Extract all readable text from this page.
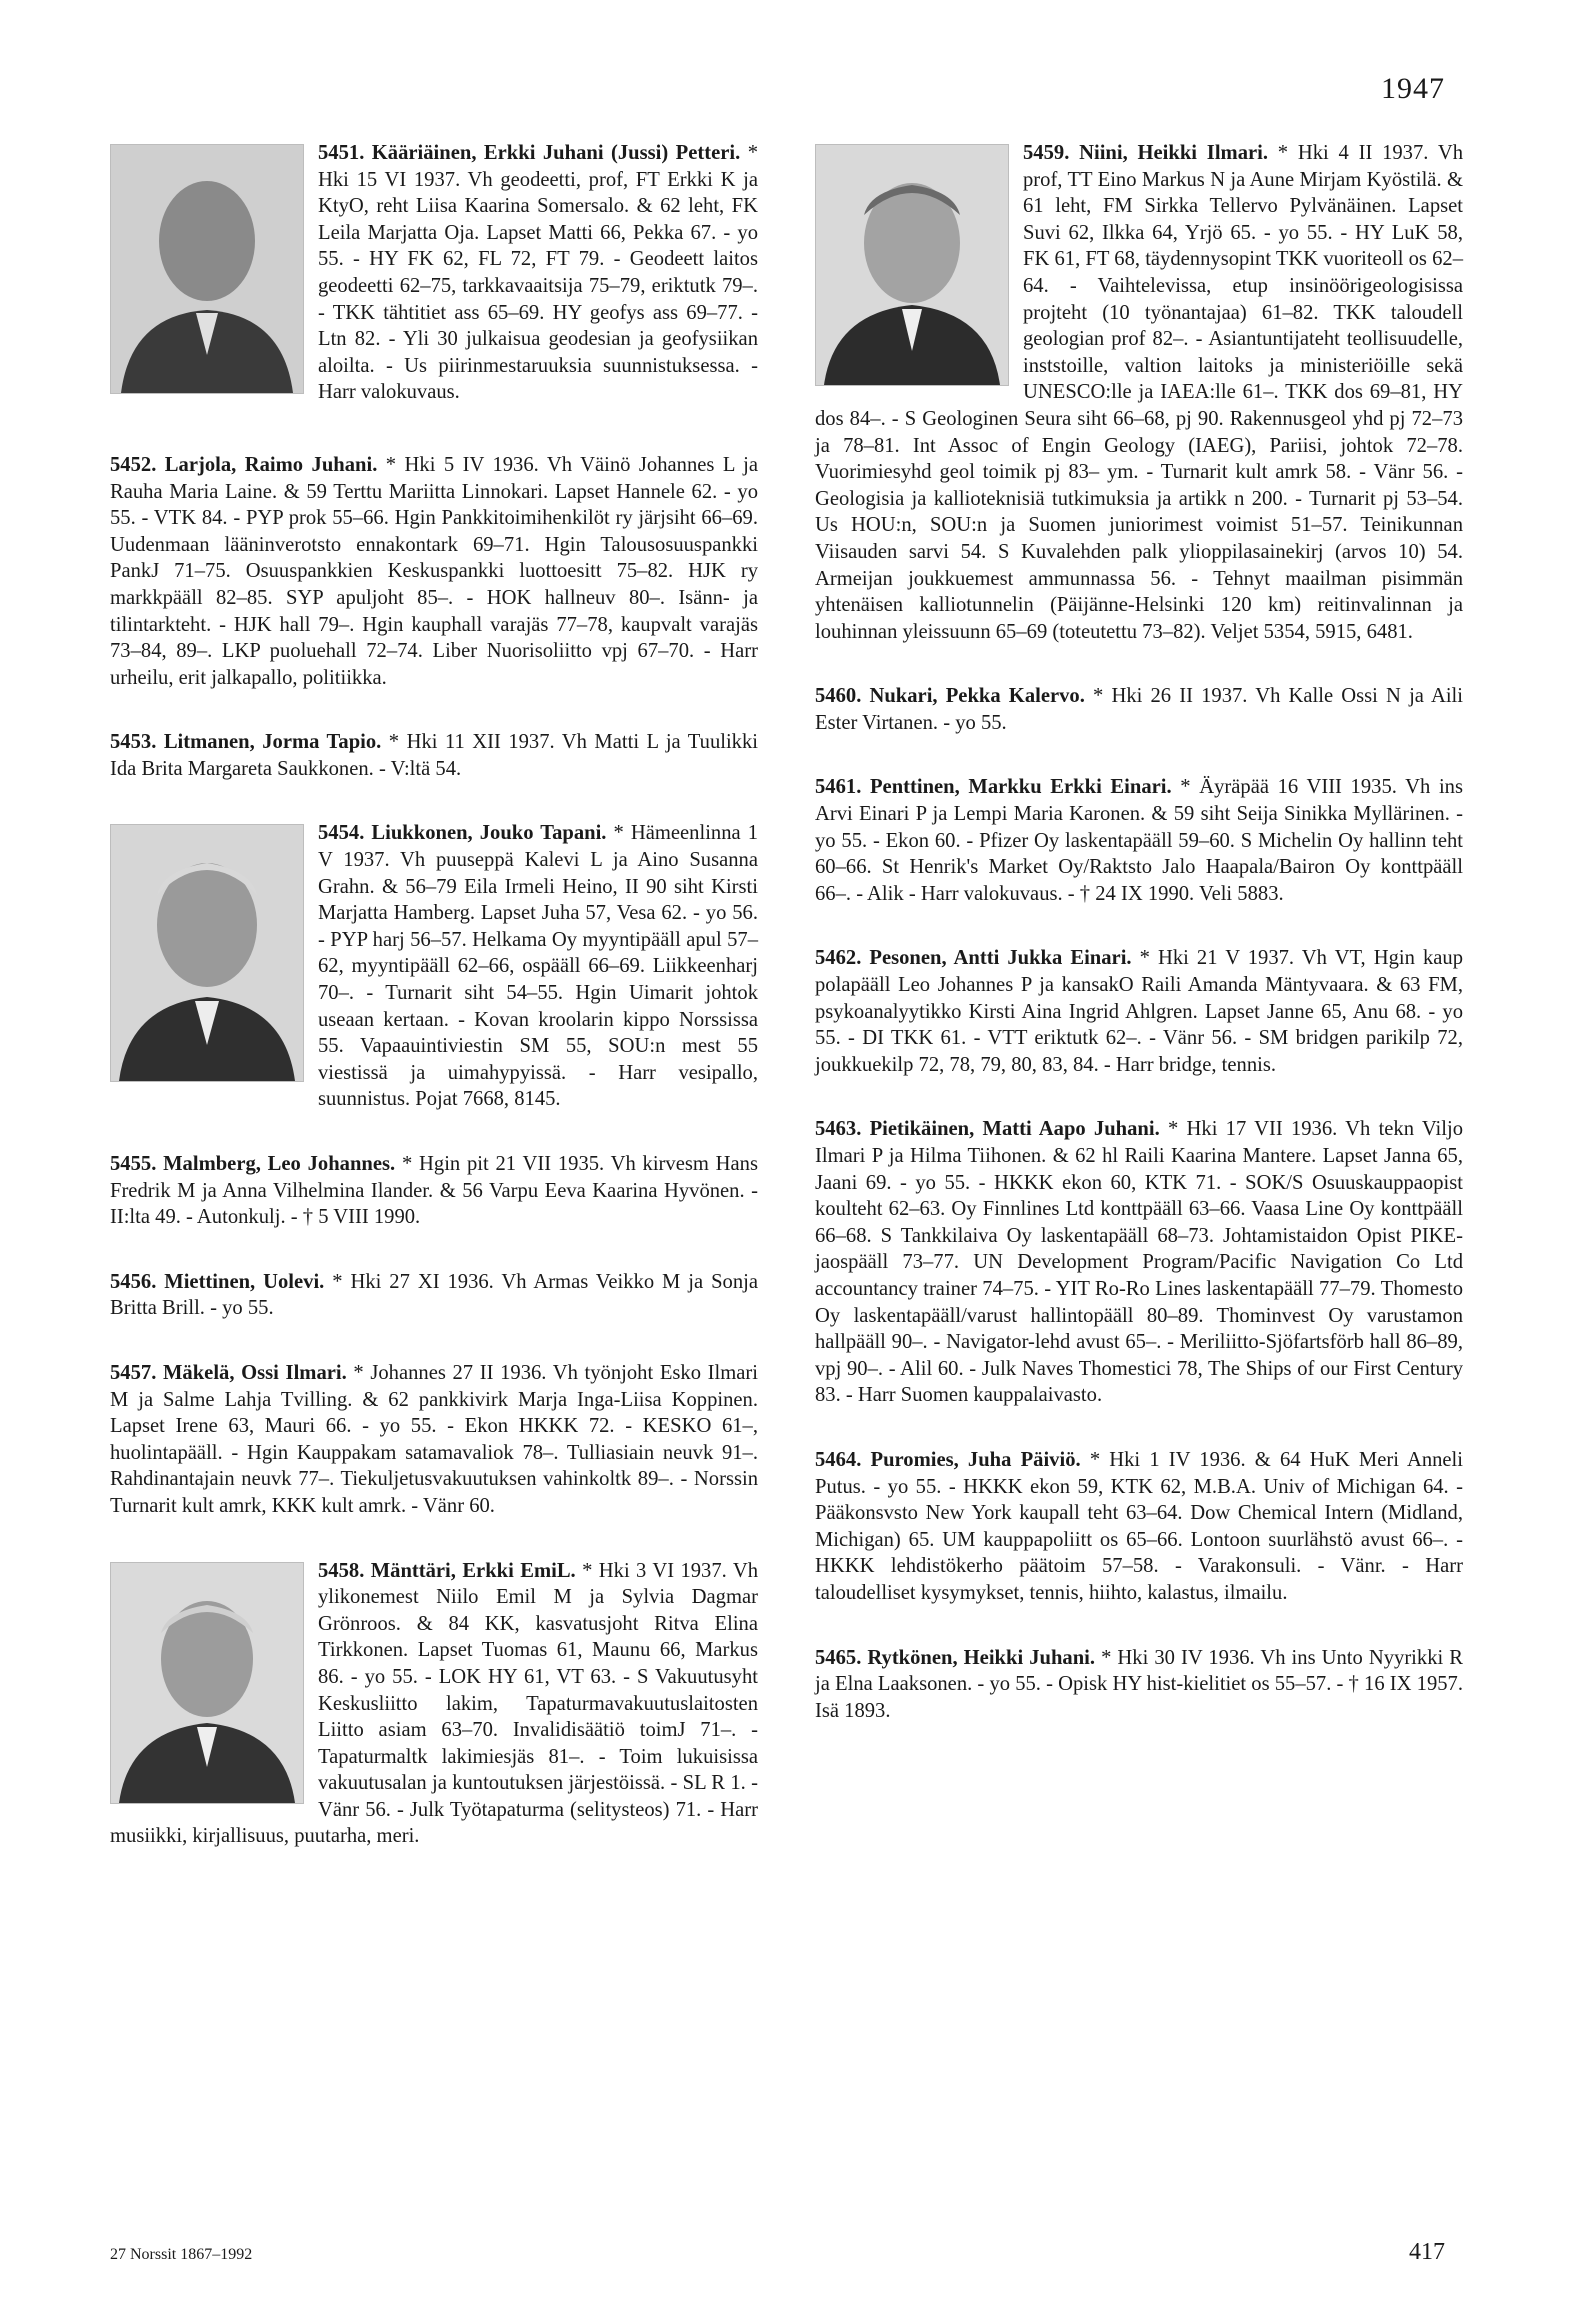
1947

5451. Kääriäinen, Erkki Juhani (Jussi) Petteri. * Hki 15 VI 1937. Vh geodeetti, prof, FT Erkki K ja KtyO, reht Liisa Kaarina Somersalo. & 62 leht, FK Leila Marjatta Oja. Lapset Matti 66, Pekka 67. - yo 55. - HY FK 62, FL 72, FT 79. - Geodeett laitos geodeetti 62–75, tarkkavaaitsija 75–79, eriktutk 79–. - TKK tähtitiet ass 65–69. HY geofys ass 69–77. - Ltn 82. - Yli 30 julkaisua geodesian ja geofysiikan aloilta. - Us piirinmestaruuksia suunnistuksessa. - Harr valokuvaus.

5452. Larjola, Raimo Juhani. * Hki 5 IV 1936. Vh Väinö Johannes L ja Rauha Maria Laine. & 59 Terttu Mariitta Linnokari. Lapset Hannele 62. - yo 55. - VTK 84. - PYP prok 55–66. Hgin Pankkitoimihenkilöt ry järjsiht 66–69. Uudenmaan lääninverotsto ennakontark 69–71. Hgin Talousosuuspankki PankJ 71–75. Osuuspankkien Keskuspankki luottoesitt 75–82. HJK ry markkpääll 82–85. SYP apuljoht 85–. - HOK hallneuv 80–. Isänn- ja tilintarkteht. - HJK hall 79–. Hgin kauphall varajäs 77–78, kaupvalt varajäs 73–84, 89–. LKP puoluehall 72–74. Liber Nuorisoliitto vpj 67–70. - Harr urheilu, erit jalkapallo, politiikka.

5453. Litmanen, Jorma Tapio. * Hki 11 XII 1937. Vh Matti L ja Tuulikki Ida Brita Margareta Saukkonen. - V:ltä 54.

5454. Liukkonen, Jouko Tapani. * Hämeenlinna 1 V 1937. Vh puuseppä Kalevi L ja Aino Susanna Grahn. & 56–79 Eila Irmeli Heino, II 90 siht Kirsti Marjatta Hamberg. Lapset Juha 57, Vesa 62. - yo 56. - PYP harj 56–57. Helkama Oy myyntipääll apul 57–62, myyntipääll 62–66, ospääll 66–69. Liikkeenharj 70–. - Turnarit siht 54–55. Hgin Uimarit johtok useaan kertaan. - Kovan kroolarin kippo Norssissa 55. Vapaauintiviestin SM 55, SOU:n mest 55 viestissä ja uimahypyissä. - Harr vesipallo, suunnistus. Pojat 7668, 8145.

5455. Malmberg, Leo Johannes. * Hgin pit 21 VII 1935. Vh kirvesm Hans Fredrik M ja Anna Vilhelmina Ilander. & 56 Varpu Eeva Kaarina Hyvönen. - II:lta 49. - Autonkulj. - † 5 VIII 1990.

5456. Miettinen, Uolevi. * Hki 27 XI 1936. Vh Armas Veikko M ja Sonja Britta Brill. - yo 55.

5457. Mäkelä, Ossi Ilmari. * Johannes 27 II 1936. Vh työnjoht Esko Ilmari M ja Salme Lahja Tvilling. & 62 pankkivirk Marja Inga-Liisa Koppinen. Lapset Irene 63, Mauri 66. - yo 55. - Ekon HKKK 72. - KESKO 61–, huolintapääll. - Hgin Kauppakam satamavaliok 78–. Tulliasiain neuvk 91–. Rahdinantajain neuvk 77–. Tiekuljetusvakuutuksen vahinkoltk 89–. - Norssin Turnarit kult amrk, KKK kult amrk. - Vänr 60.

5458. Mänttäri, Erkki EmiL. * Hki 3 VI 1937. Vh ylikonemest Niilo Emil M ja Sylvia Dagmar Grönroos. & 84 KK, kasvatusjoht Ritva Elina Tirkkonen. Lapset Tuomas 61, Maunu 66, Markus 86. - yo 55. - LOK HY 61, VT 63. - S Vakuutusyht Keskusliitto lakim, Tapaturmavakuutuslaitosten Liitto asiam 63–70. Invalidisäätiö toimJ 71–. - Tapaturmaltk lakimiesjäs 81–. - Toim lukuisissa vakuutusalan ja kuntoutuksen järjestöissä. - SL R 1. - Vänr 56. - Julk Työtapaturma (selitysteos) 71. - Harr musiikki, kirjallisuus, puutarha, meri.

5459. Niini, Heikki Ilmari. * Hki 4 II 1937. Vh prof, TT Eino Markus N ja Aune Mirjam Kyöstilä. & 61 leht, FM Sirkka Tellervo Pylvänäinen. Lapset Suvi 62, Ilkka 64, Yrjö 65. - yo 55. - HY LuK 58, FK 61, FT 68, täydennysopint TKK vuoriteoll os 62–64. - Vaihtelevissa, etup insinöörigeologisissa projteht (10 työnantajaa) 61–82. TKK taloudell geologian prof 82–. - Asiantuntijateht teollisuudelle, inststoille, valtion laitoks ja ministeriöille sekä UNESCO:lle ja IAEA:lle 61–. TKK dos 69–81, HY dos 84–. - S Geologinen Seura siht 66–68, pj 90. Rakennusgeol yhd pj 72–73 ja 78–81. Int Assoc of Engin Geology (IAEG), Pariisi, johtok 72–78. Vuorimiesyhd geol toimik pj 83– ym. - Turnarit kult amrk 58. - Vänr 56. - Geologisia ja kallioteknisiä tutkimuksia ja artikk n 200. - Turnarit pj 53–54. Us HOU:n, SOU:n ja Suomen juniorimest voimist 51–57. Teinikunnan Viisauden sarvi 54. S Kuvalehden palk ylioppilasainekirj (arvos 10) 54. Armeijan joukkuemest ammunnassa 56. - Tehnyt maailman pisimmän yhtenäisen kalliotunnelin (Päijänne-Helsinki 120 km) reitinvalinnan ja louhinnan yleissuunn 65–69 (toteutettu 73–82). Veljet 5354, 5915, 6481.

5460. Nukari, Pekka Kalervo. * Hki 26 II 1937. Vh Kalle Ossi N ja Aili Ester Virtanen. - yo 55.

5461. Penttinen, Markku Erkki Einari. * Äyräpää 16 VIII 1935. Vh ins Arvi Einari P ja Lempi Maria Karonen. & 59 siht Seija Sinikka Myllärinen. - yo 55. - Ekon 60. - Pfizer Oy laskentapääll 59–60. S Michelin Oy hallinn teht 60–66. St Henrik's Market Oy/Raktsto Jalo Haapala/Bairon Oy konttpääll 66–. - Alik - Harr valokuvaus. - † 24 IX 1990. Veli 5883.

5462. Pesonen, Antti Jukka Einari. * Hki 21 V 1937. Vh VT, Hgin kaup polapääll Leo Johannes P ja kansakO Raili Amanda Mäntyvaara. & 63 FM, psykoanalyytikko Kirsti Aina Ingrid Ahlgren. Lapset Janne 65, Anu 68. - yo 55. - DI TKK 61. - VTT eriktutk 62–. - Vänr 56. - SM bridgen parikilp 72, joukkuekilp 72, 78, 79, 80, 83, 84. - Harr bridge, tennis.

5463. Pietikäinen, Matti Aapo Juhani. * Hki 17 VII 1936. Vh tekn Viljo Ilmari P ja Hilma Tiihonen. & 62 hl Raili Kaarina Mantere. Lapset Janna 65, Jaani 69. - yo 55. - HKKK ekon 60, KTK 71. - SOK/S Osuuskauppaopist koulteht 62–63. Oy Finnlines Ltd konttpääll 63–66. Vaasa Line Oy konttpääll 66–68. S Tankkilaiva Oy laskentapääll 68–73. Johtamistaidon Opist PIKE-jaospääll 73–77. UN Development Program/Pacific Navigation Co Ltd accountancy trainer 74–75. - YIT Ro-Ro Lines laskentapääll 77–79. Thomesto Oy laskentapääll/varust hallintopääll 80–89. Thominvest Oy varustamon hallpääll 90–. - Navigator-lehd avust 65–. - Meriliitto-Sjöfartsförb hall 86–89, vpj 90–. - Alil 60. - Julk Naves Thomestici 78, The Ships of our First Century 83. - Harr Suomen kauppalaivasto.

5464. Puromies, Juha Päiviö. * Hki 1 IV 1936. & 64 HuK Meri Anneli Putus. - yo 55. - HKKK ekon 59, KTK 62, M.B.A. Univ of Michigan 64. - Pääkonsvsto New York kaupall teht 63–64. Dow Chemical Intern (Midland, Michigan) 65. UM kauppapoliitt os 65–66. Lontoon suurlähstö avust 66–. - HKKK lehdistökerho päätoim 57–58. - Varakonsuli. - Vänr. - Harr taloudelliset kysymykset, tennis, hiihto, kalastus, ilmailu.

5465. Rytkönen, Heikki Juhani. * Hki 30 IV 1936. Vh ins Unto Nyyrikki R ja Elna Laaksonen. - yo 55. - Opisk HY hist-kielitiet os 55–57. - † 16 IX 1957. Isä 1893.

27 Norssit 1867–1992	417
